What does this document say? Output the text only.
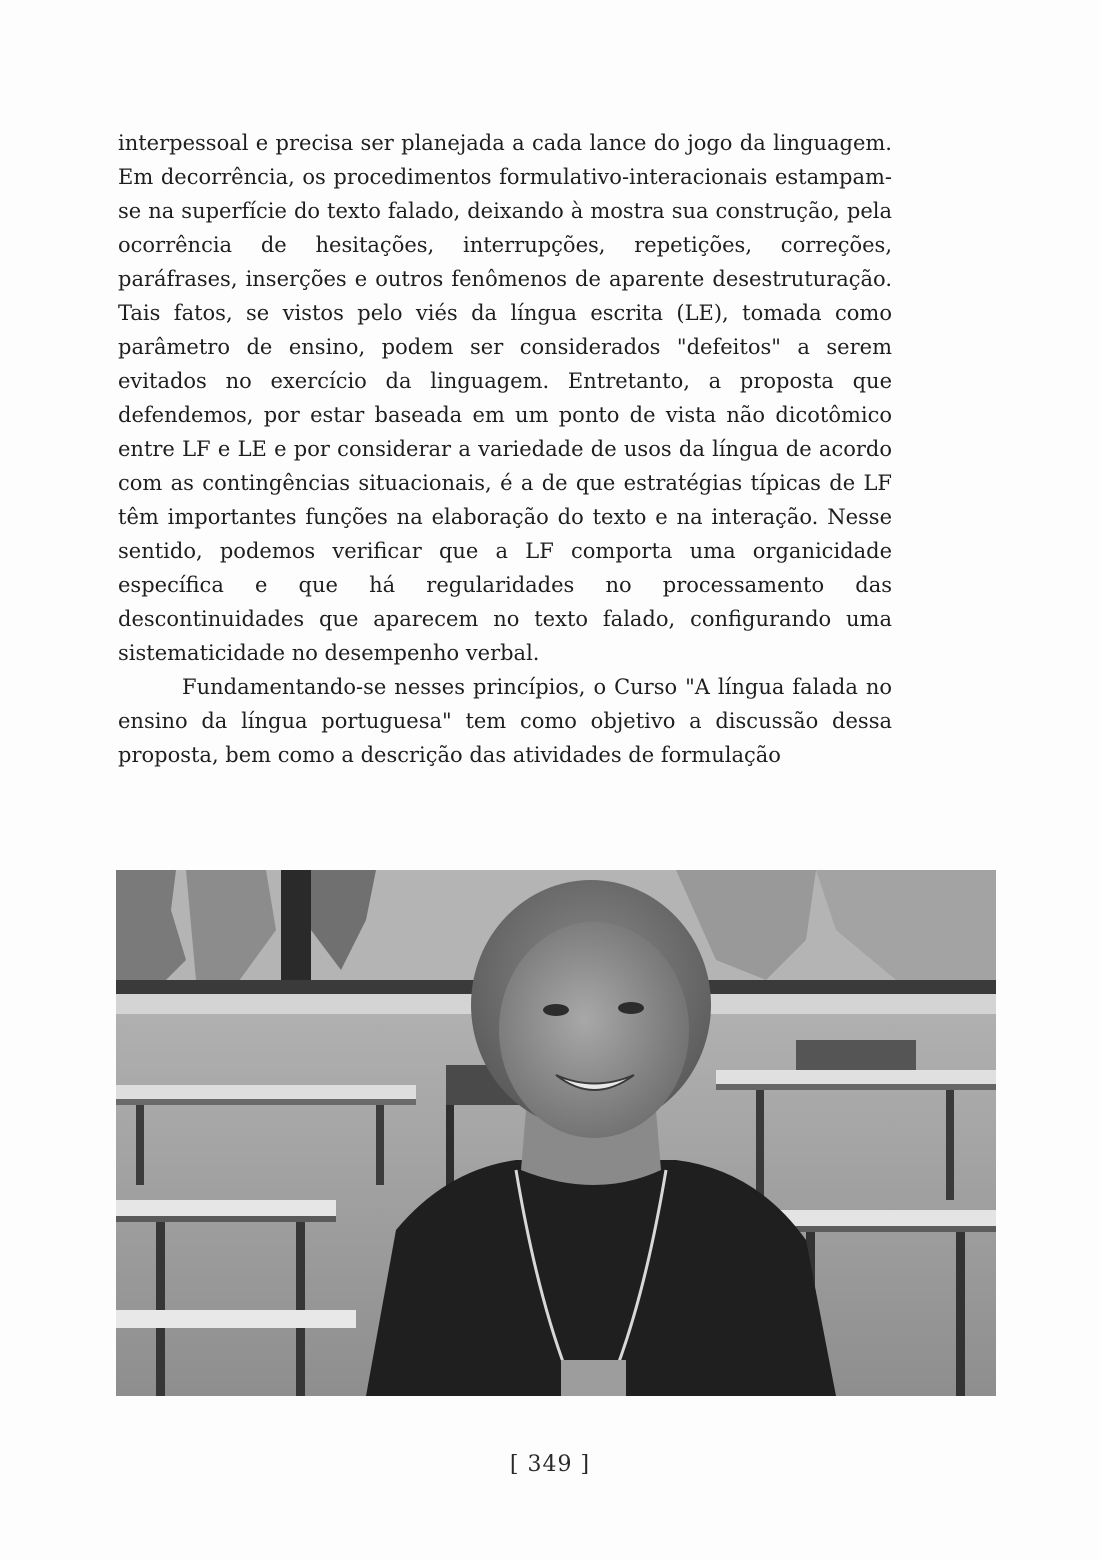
interpessoal e precisa ser planejada a cada lance do jogo da linguagem. Em decorrência, os procedimentos formulativo-interacionais estampam-se na superfície do texto falado, deixando à mostra sua construção, pela ocorrência de hesitações, interrupções, repetições, correções, paráfrases, inserções e outros fenômenos de aparente desestruturação. Tais fatos, se vistos pelo viés da língua escrita (LE), tomada como parâmetro de ensino, podem ser considerados "defeitos" a serem evitados no exercício da linguagem. Entretanto, a proposta que defendemos, por estar baseada em um ponto de vista não dicotômico entre LF e LE e por considerar a variedade de usos da língua de acordo com as contingências situacionais, é a de que estratégias típicas de LF têm importantes funções na elaboração do texto e na interação. Nesse sentido, podemos verificar que a LF comporta uma organicidade específica e que há regularidades no processamento das descontinuidades que aparecem no texto falado, configurando uma sistematicidade no desempenho verbal.

Fundamentando-se nesses princípios, o Curso "A língua falada no ensino da língua portuguesa" tem como objetivo a discussão dessa proposta, bem como a descrição das atividades de formulação

[ 349 ]
